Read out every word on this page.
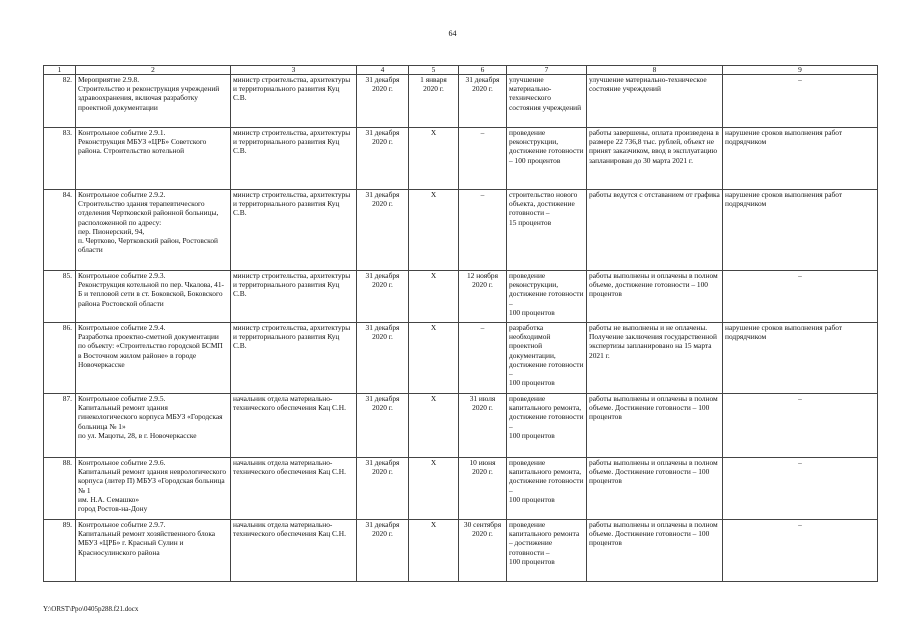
64
1	2	3	4	5	6	7	8	9
82.	Мероприятие 2.9.8.
Строительство и реконструкция учреждений здравоохранения, включая разработку проектной документации	министр строительства, архитектуры и территориального развития Куц С.В.	31 декабря
2020 г.	1 января
2020 г.	31 декабря
2020 г.	улучшение материально-технического состояния учреждений	улучшение материально-техническое состояние учреждений	–
83.	Контрольное событие 2.9.1.
Реконструкция МБУЗ «ЦРБ» Советского района. Строительство котельной	министр строительства, архитектуры и территориального развития Куц С.В.	31 декабря
2020 г.	Х	–	проведение реконструкции, достижение готовности – 100 процентов	работы завершены, оплата произведена в размере 22 736,8 тыс. рублей, объект не принят заказчиком, ввод в эксплуатацию запланирован до 30 марта 2021 г.	нарушение сроков выполнения работ подрядчиком
84.	Контрольное событие 2.9.2.
Строительство здания терапевтического отделения Чертковской районной больницы, расположенной по адресу:
пер. Пионерский, 94,
п. Чертково, Чертковский район, Ростовской области	министр строительства, архитектуры и территориального развития Куц С.В.	31 декабря
2020 г.	Х	–	строительство нового объекта, достижение готовности –
15 процентов	работы ведутся с отставанием от графика	нарушение сроков выполнения работ подрядчиком
85.	Контрольное событие 2.9.3.
Реконструкция котельной по пер. Чкалова, 41-Б и тепловой сети в ст. Боковской, Боковского района Ростовской области	министр строительства, архитектуры и территориального развития Куц С.В.	31 декабря
2020 г.	Х	12 ноября
2020 г.	проведение реконструкции, достижение готовности –
100 процентов	работы выполнены и оплачены в полном объеме, достижение готовности – 100 процентов	–
86.	Контрольное событие 2.9.4.
Разработка проектно-сметной документации по объекту: «Строительство городской БСМП в Восточном жилом районе» в городе Новочеркасске	министр строительства, архитектуры и территориального развития Куц С.В.	31 декабря
2020 г.	Х	–	разработка необходимой проектной документации, достижение готовности –
100 процентов	работы не выполнены и не оплачены. Получение заключения государственной экспертизы запланировано на 15 марта 2021 г.	нарушение сроков выполнения работ подрядчиком
87.	Контрольное событие 2.9.5.
Капитальный ремонт здания гинекологического корпуса МБУЗ «Городская больница № 1»
по ул. Мацоты, 28, в г. Новочеркасске	начальник отдела материально-технического обеспечения Кац С.Н.	31 декабря
2020 г.	Х	31 июля
2020 г.	проведение капитального ремонта, достижение готовности –
100 процентов	работы выполнены и оплачены в полном объеме. Достижение готовности – 100 процентов	–
88.	Контрольное событие 2.9.6.
Капитальный ремонт здания неврологического корпуса (литер П) МБУЗ «Городская больница № 1
им. Н.А. Семашко»
город Ростов-на-Дону	начальник отдела материально-технического обеспечения Кац С.Н.	31 декабря
2020 г.	Х	10 июня
2020 г.	проведение капитального ремонта, достижение готовности –
100 процентов	работы выполнены и оплачены в полном объеме. Достижение готовности – 100 процентов	–
89.	Контрольное событие 2.9.7.
Капитальный ремонт хозяйственного блока МБУЗ «ЦРБ» г. Красный Сулин и Красносулинского района	начальник отдела материально-технического обеспечения Кац С.Н.	31 декабря
2020 г.	Х	30 сентября
2020 г.	проведение капитального ремонта – достижение готовности –
100 процентов	работы выполнены и оплачены в полном объеме. Достижение готовности – 100 процентов	–
Y:\ORST\Ppo\0405p288.f21.docx
